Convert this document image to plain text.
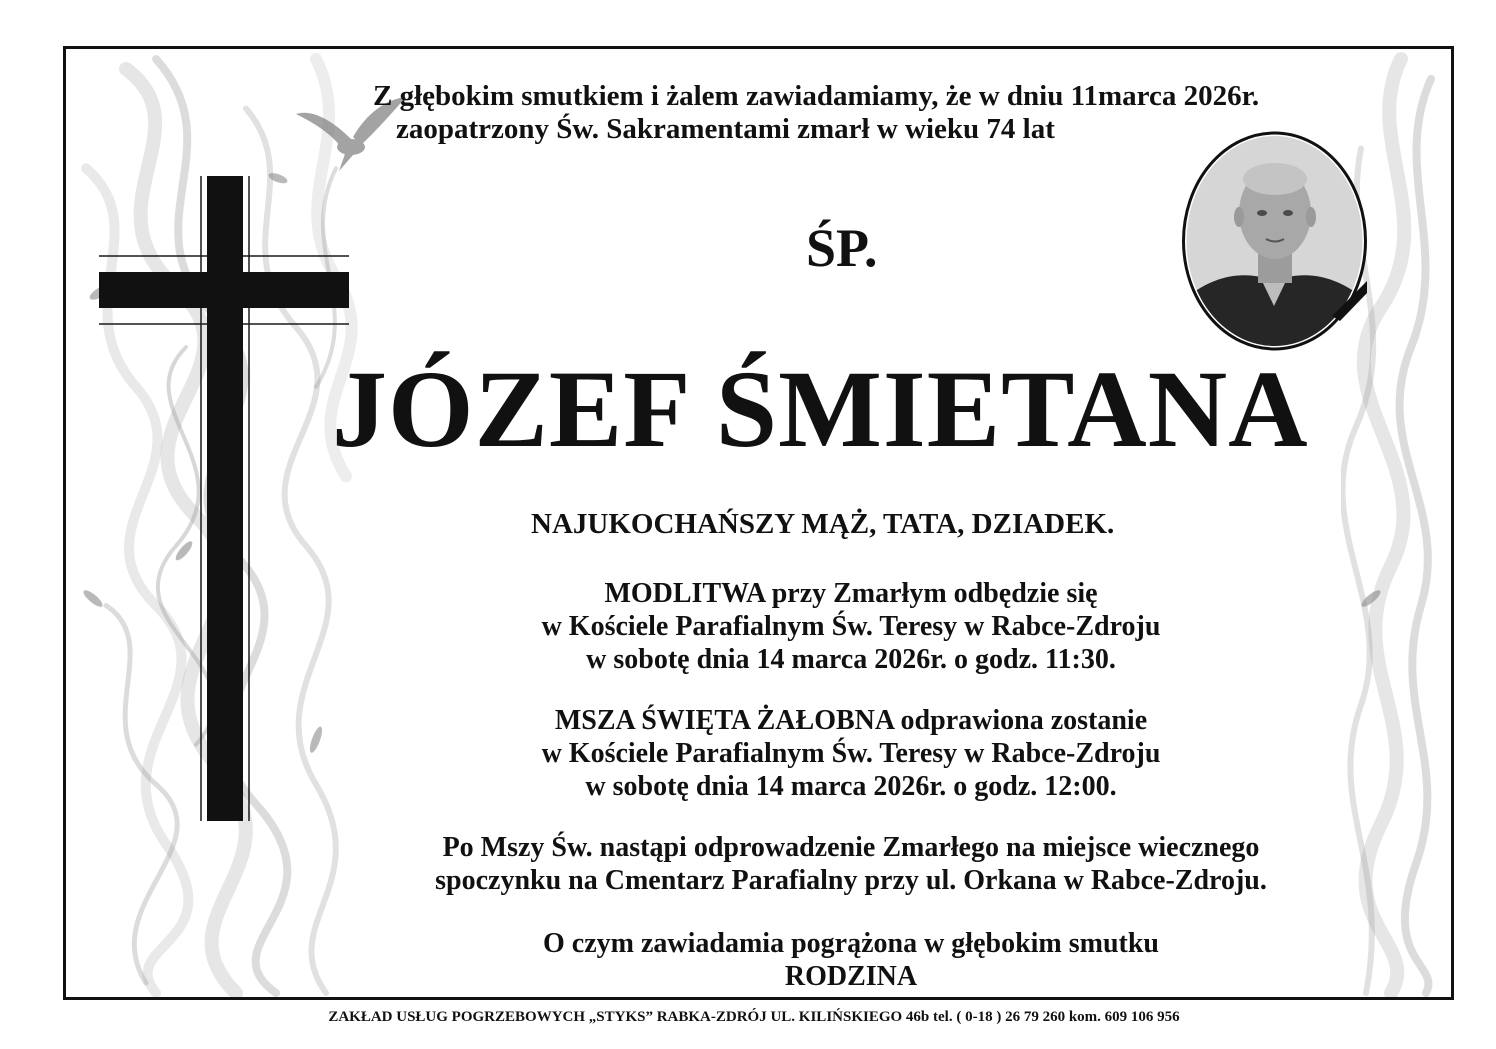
Z głębokim smutkiem i żalem zawiadamiamy, że w dniu 11marca 2026r.
zaopatrzony Św. Sakramentami zmarł w wieku 74 lat
ŚP.
JÓZEF ŚMIETANA
NAJUKOCHAŃSZY MĄŻ, TATA, DZIADEK.
MODLITWA przy Zmarłym odbędzie się
w Kościele Parafialnym Św. Teresy w Rabce-Zdroju
w sobotę dnia 14 marca 2026r. o godz. 11:30.
MSZA ŚWIĘTA ŻAŁOBNA odprawiona zostanie
w Kościele Parafialnym Św. Teresy w Rabce-Zdroju
w sobotę dnia 14 marca 2026r. o godz. 12:00.
Po Mszy Św. nastąpi odprowadzenie Zmarłego na miejsce wiecznego
spoczynku na Cmentarz Parafialny przy ul. Orkana w Rabce-Zdroju.
O czym zawiadamia pogrążona w głębokim smutku
RODZINA
ZAKŁAD USŁUG POGRZEBOWYCH „STYKS” RABKA-ZDRÓJ UL. KILIŃSKIEGO 46b tel. ( 0-18 ) 26 79 260 kom. 609 106 956
